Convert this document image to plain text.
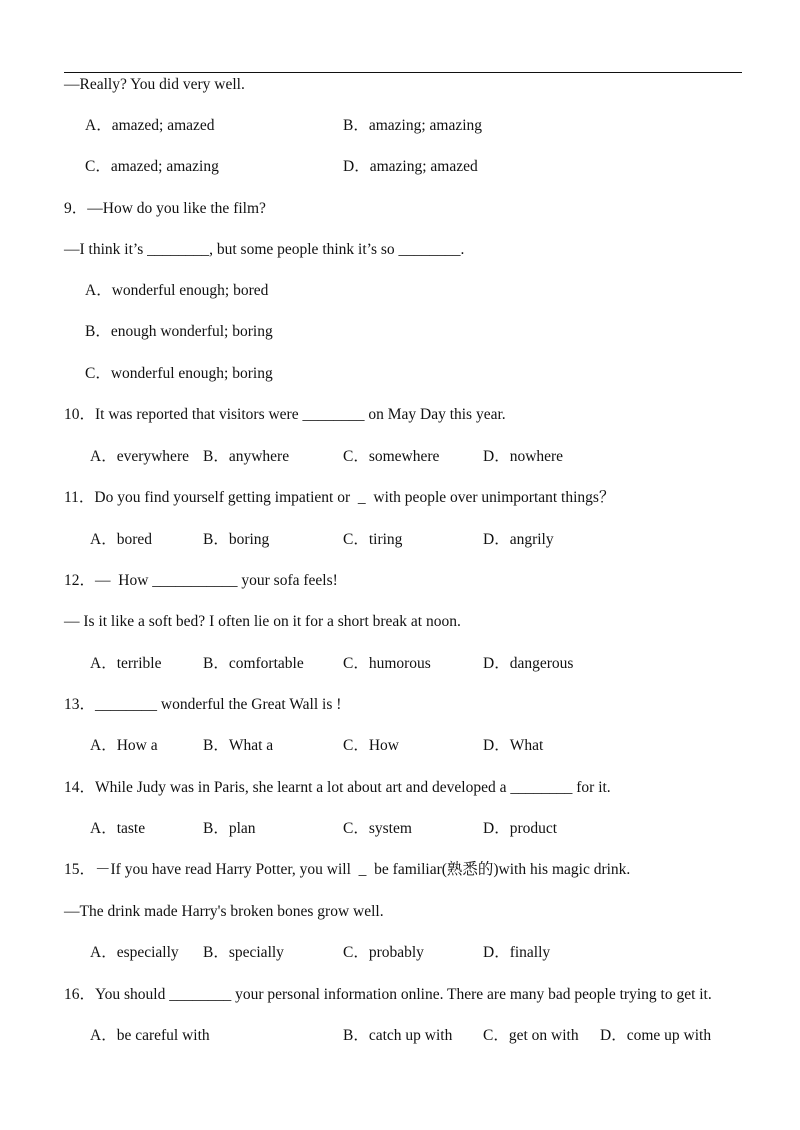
—Really? You did very well.
A．amazed; amazed	B．amazing; amazing
C．amazed; amazing	D．amazing; amazed
9．—How do you like the film?
—I think it’s ________, but some people think it’s so ________.
A．wonderful enough; bored
B．enough wonderful; boring
C．wonderful enough; boring
10．It was reported that visitors were ________ on May Day this year.
A．everywhere B．anywhere	C．somewhere	D．nowhere
11．Do you find yourself getting impatient or  _  with people over unimportant things？
A．bored	B．boring	C．tiring	D．angrily
12．—  How ___________ your sofa feels!
— Is it like a soft bed? I often lie on it for a short break at noon.
A．terrible	B．comfortable	C．humorous	D．dangerous
13．________ wonderful the Great Wall is !
A．How a	B．What a	C．How	D．What
14．While Judy was in Paris, she learnt a lot about art and developed a ________ for it.
A．taste	B．plan	C．system	D．product
15．－If you have read Harry Potter, you will  _  be familiar(熟悉的)with his magic drink.
―The drink made Harry's broken bones grow well.
A．especially B．specially	C．probably	D．finally
16．You should ________ your personal information online. There are many bad people trying to get it.
A．be careful with	B．catch up with C．get on with D．come up with
